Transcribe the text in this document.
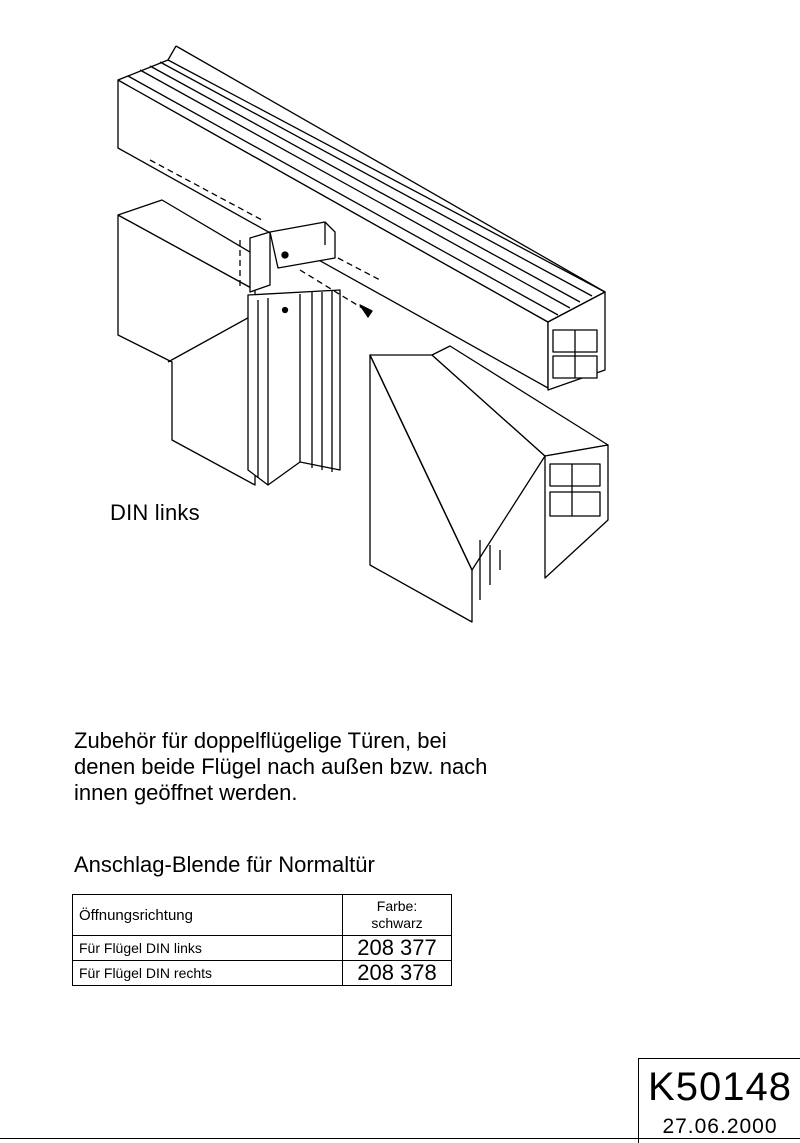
DIN links
Zubehör für doppelflügelige Türen, bei
denen beide Flügel nach außen bzw. nach
innen geöffnet werden.
Anschlag-Blende für Normaltür
Öffnungsrichtung	Farbe:
schwarz

Für Flügel DIN links	208 377
Für Flügel DIN rechts	208 378
K50148
27.06.2000
